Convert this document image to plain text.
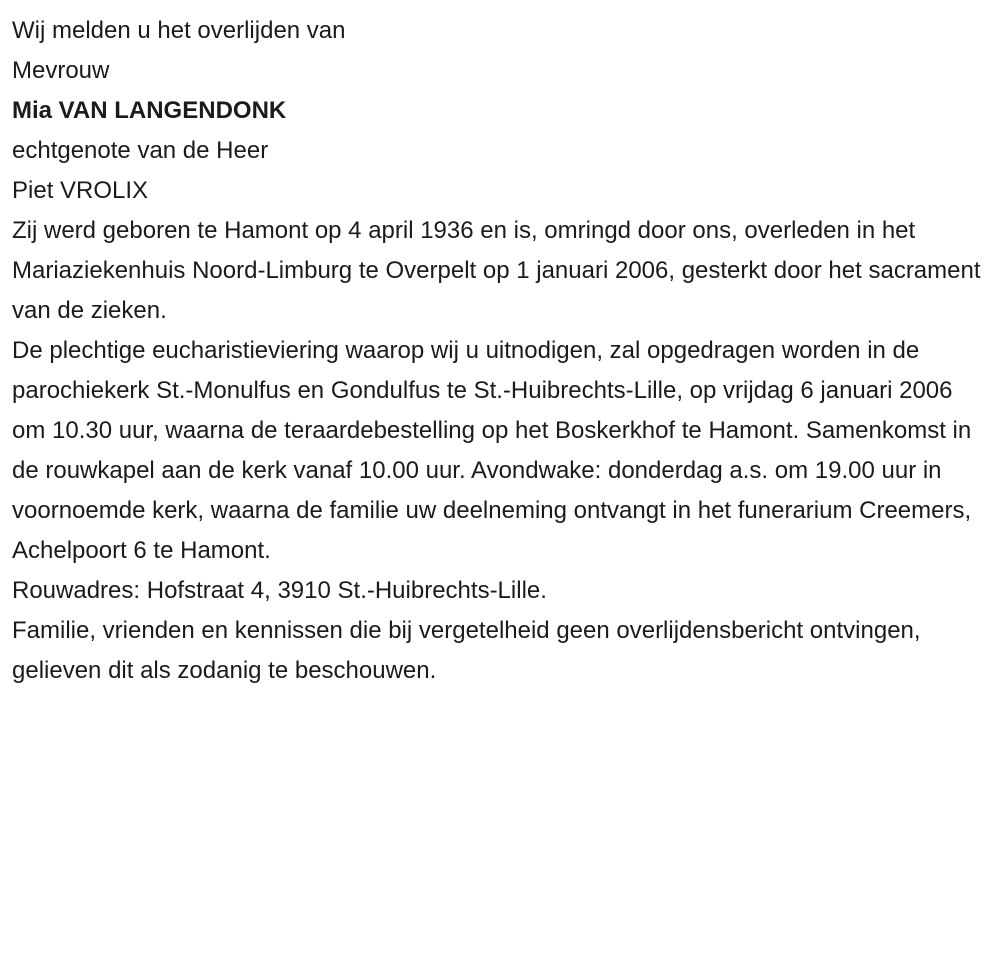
Wij melden u het overlijden van

Mevrouw

Mia VAN LANGENDONK

echtgenote van de Heer

Piet VROLIX

Zij werd geboren te Hamont op 4 april 1936 en is, omringd door ons, overleden in het Mariaziekenhuis Noord-Limburg te Overpelt op 1 januari 2006, gesterkt door het sacrament van de zieken.

De plechtige eucharistieviering waarop wij u uitnodigen, zal opgedragen worden in de parochiekerk St.-Monulfus en Gondulfus te St.-Huibrechts-Lille, op vrijdag 6 januari 2006 om 10.30 uur, waarna de teraardebestelling op het Boskerkhof te Hamont. Samenkomst in de rouwkapel aan de kerk vanaf 10.00 uur. Avondwake: donderdag a.s. om 19.00 uur in voornoemde kerk, waarna de familie uw deelneming ontvangt in het funerarium Creemers, Achelpoort 6 te Hamont.

Rouwadres: Hofstraat 4, 3910 St.-Huibrechts-Lille.

Familie, vrienden en kennissen die bij vergetelheid geen overlijdensbericht ontvingen, gelieven dit als zodanig te beschouwen.
